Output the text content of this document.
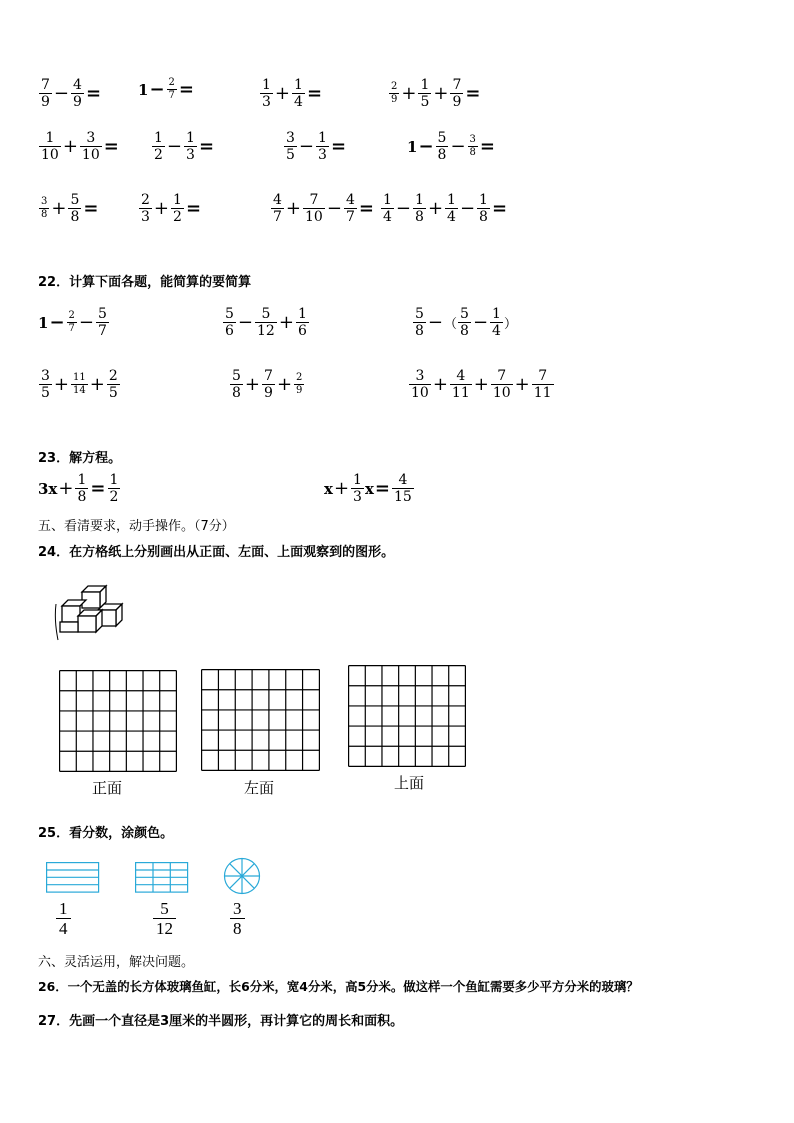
$\frac{7}{9} - \frac{4}{9} = 1 - \frac{2}{7}$ =	$\frac{1}{3} + \frac{1}{4}$ =	$\frac{2}{9} + \frac{1}{5} + \frac{7}{9}$ =
$\frac{1}{10} + \frac{3}{10} = \frac{1}{2} - \frac{1}{3}$ =	$\frac{3}{5} - \frac{1}{3}$ =	$1 - \frac{5}{8} - \frac{3}{8}$ =
$\frac{3}{8} + \frac{5}{8}$ =	$\frac{2}{3} + \frac{1}{2}$ =	$\frac{4}{7} + \frac{7}{10} - \frac{4}{7} = \frac{1}{4} - \frac{1}{8} + \frac{1}{4} - \frac{1}{8}$ =
22．计算下面各题，能简算的要简算
$1 - \frac{2}{7} - \frac{5}{7}$	$\frac{5}{6} - \frac{5}{12} + \frac{1}{6}$	$\frac{5}{8}$ − （ $\frac{5}{8} - \frac{1}{4}$ ）
$\frac{3}{5} + \frac{11}{14} + \frac{2}{5}$	$\frac{5}{8} + \frac{7}{9} + \frac{2}{9}$	$\frac{3}{10} + \frac{4}{11} + \frac{7}{10} + \frac{7}{11}$
23．解方程。
$3x + \frac{1}{8} = \frac{1}{2}$	$x + \frac{1}{3}$ $x = \frac{4}{15}$
五、看清要求，动手操作。（7分）
24．在方格纸上分别画出从正面、左面、上面观察到的图形。
正面	左面	上面
25．看分数，涂颜色。
$\frac{1}{4}$	$\frac{5}{12}$	$\frac{3}{8}$
六、灵活运用，解决问题。
26．一个无盖的长方体玻璃鱼缸，长6分米，宽4分米，高5分米。做这样一个鱼缸需要多少平方分米的玻璃？
27．先画一个直径是3厘米的半圆形，再计算它的周长和面积。
